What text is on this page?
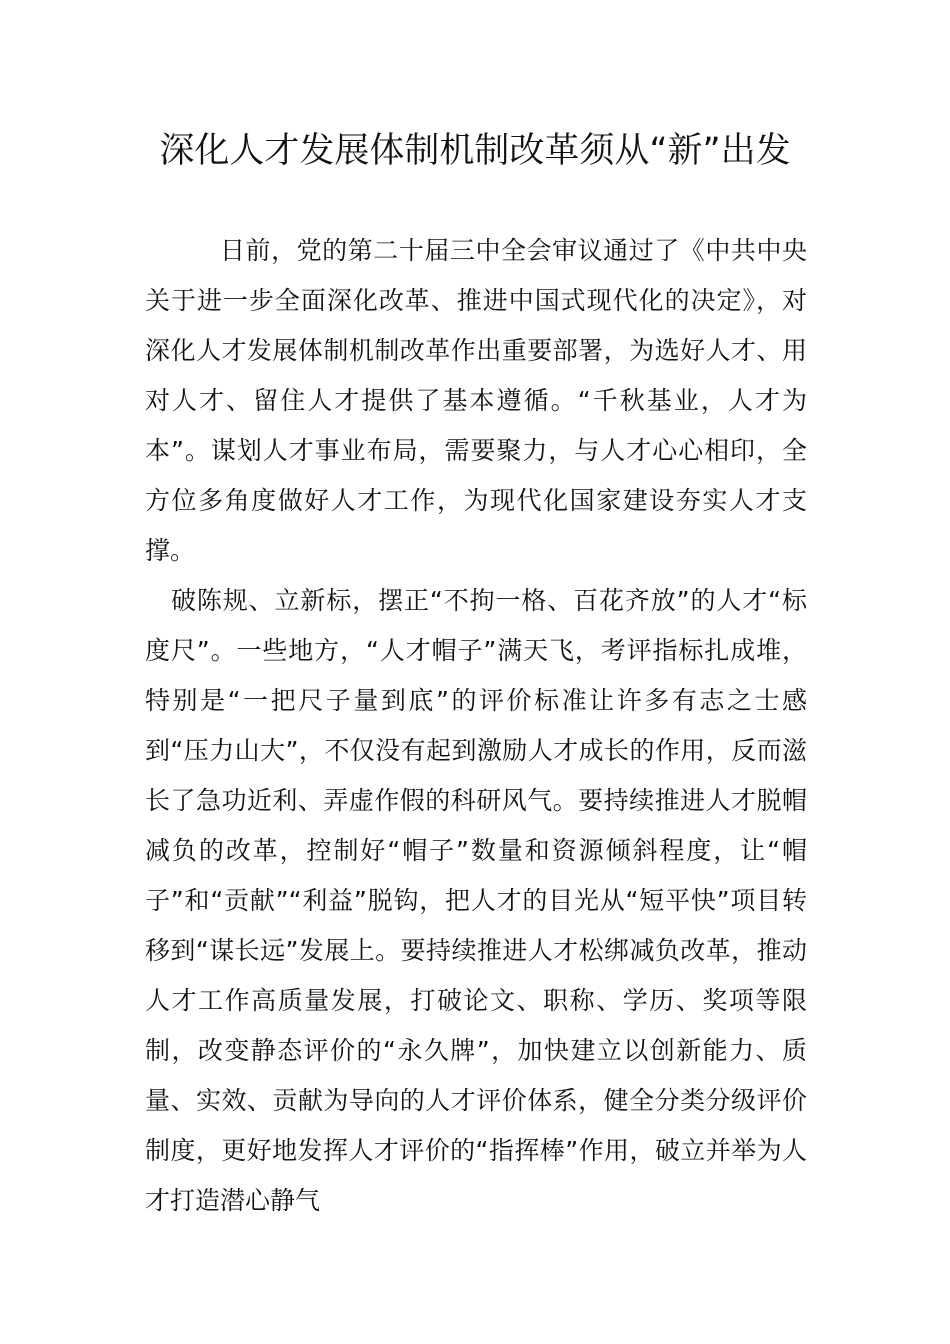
深化人才发展体制机制改革须从“新”出发

日前，党的第二十届三中全会审议通过了《中共中央关于进一步全面深化改革、推进中国式现代化的决定》，对深化人才发展体制机制改革作出重要部署，为选好人才、用对人才、留住人才提供了基本遵循。“千秋基业，人才为本”。谋划人才事业布局，需要聚力，与人才心心相印，全方位多角度做好人才工作，为现代化国家建设夯实人才支撑。

破陈规、立新标，摆正“不拘一格、百花齐放”的人才“标度尺”。一些地方，“人才帽子”满天飞，考评指标扎成堆，特别是“一把尺子量到底”的评价标准让许多有志之士感到“压力山大”，不仅没有起到激励人才成长的作用，反而滋长了急功近利、弄虚作假的科研风气。要持续推进人才脱帽减负的改革，控制好“帽子”数量和资源倾斜程度，让“帽子”和“贡献”“利益”脱钩，把人才的目光从“短平快”项目转移到“谋长远”发展上。要持续推进人才松绑减负改革，推动人才工作高质量发展，打破论文、职称、学历、奖项等限制，改变静态评价的“永久牌”，加快建立以创新能力、质量、实效、贡献为导向的人才评价体系，健全分类分级评价制度，更好地发挥人才评价的“指挥棒”作用，破立并举为人才打造潜心静气
